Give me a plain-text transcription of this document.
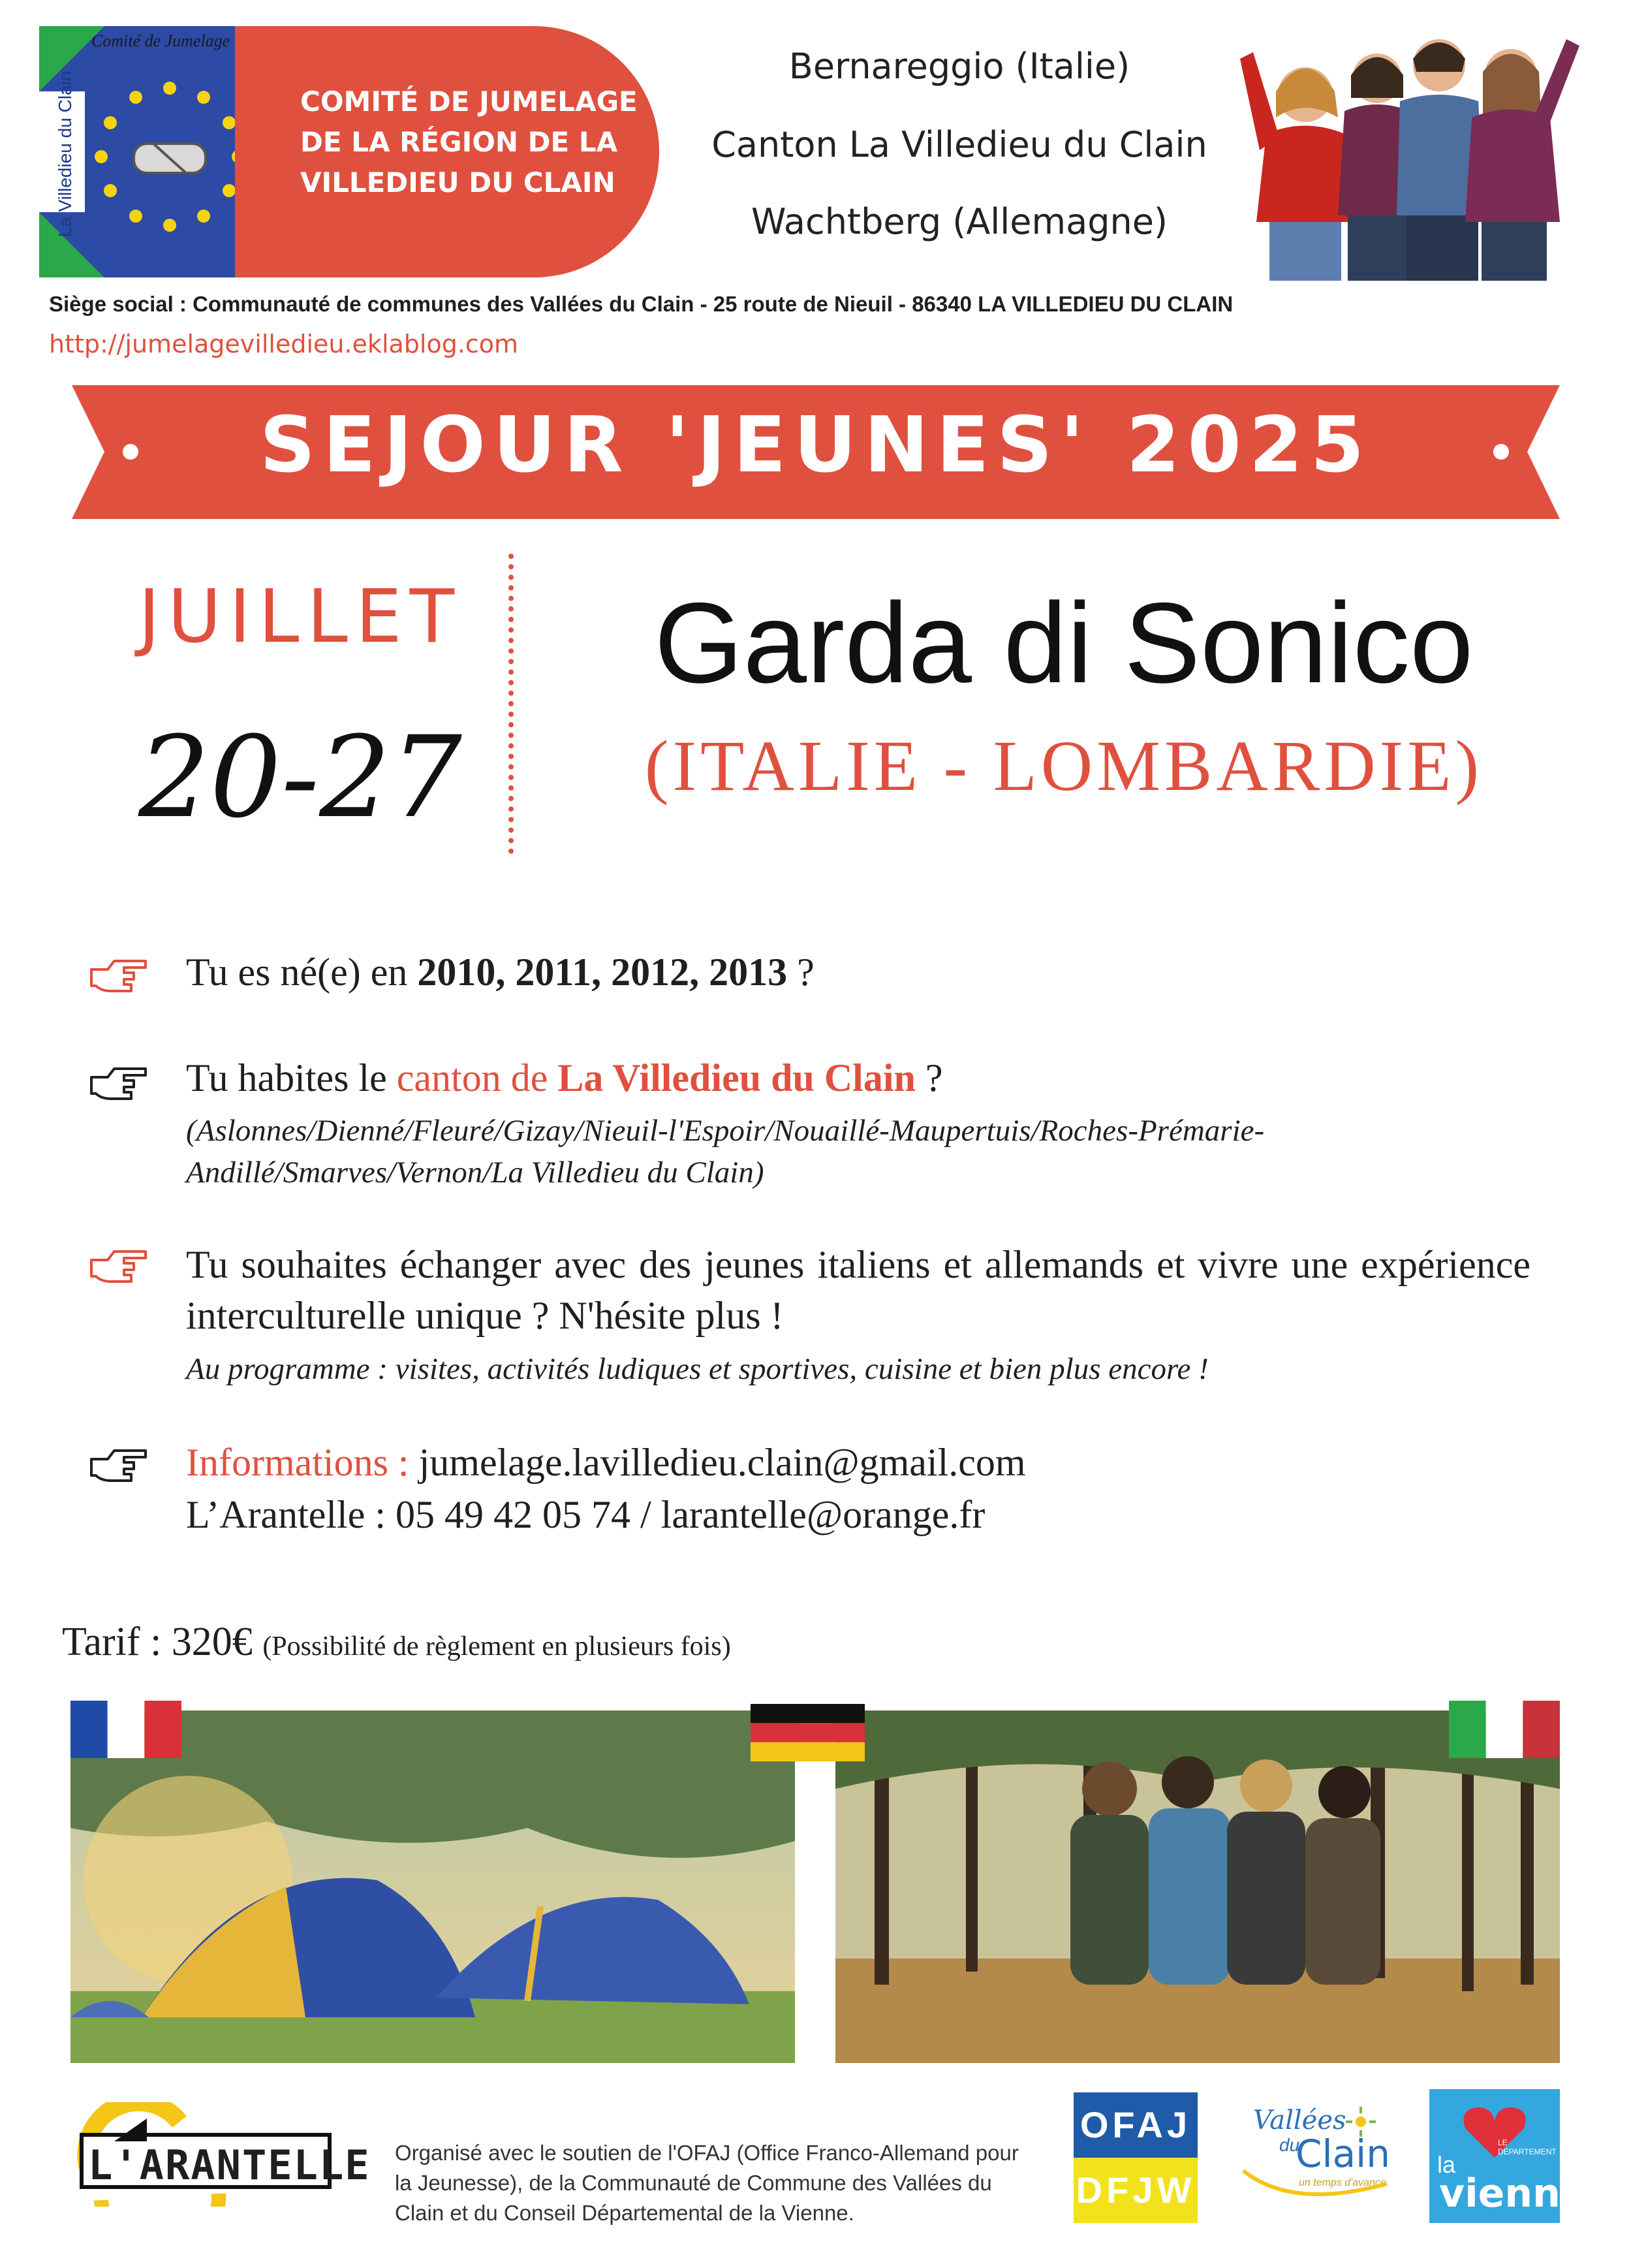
Comité de Jumelage
La Villedieu du Clain	COMITÉ DE JUMELAGE
DE LA RÉGION DE LA
VILLEDIEU DU CLAIN
Bernareggio (Italie)
Canton La Villedieu du Clain
Wachtberg (Allemagne)
Siège social : Communauté de communes des Vallées du Clain - 25 route de Nieuil - 86340 LA VILLEDIEU DU CLAIN
http://jumelagevilledieu.eklablog.com
SEJOUR 'JEUNES' 2025
JUILLET
20-27
Garda di Sonico
(ITALIE - LOMBARDIE)
Tu es né(e) en 2010, 2011, 2012, 2013 ?
Tu habites le canton de La Villedieu du Clain ?
(Aslonnes/Dienné/Fleuré/Gizay/Nieuil-l'Espoir/Nouaillé-Maupertuis/Roches-Prémarie-Andillé/Smarves/Vernon/La Villedieu du Clain)
Tu souhaites échanger avec des jeunes italiens et allemands et vivre une expérience interculturelle unique ? N'hésite plus !
Au programme : visites, activités ludiques et sportives, cuisine et bien plus encore !
Informations : jumelage.lavilledieu.clain@gmail.com
L’Arantelle : 05 49 42 05 74 / larantelle@orange.fr
Tarif : 320€ (Possibilité de règlement en plusieurs fois)
L'ARANTELLE Organisé avec le soutien de l'OFAJ (Office Franco-Allemand pour la Jeunesse), de la Communauté de Commune des Vallées du Clain et du Conseil Départemental de la Vienne.
OFAJ
DFJW
Vallées
du
Clain
un temps d'avance
LE DÉPARTEMENT
la
vienne
